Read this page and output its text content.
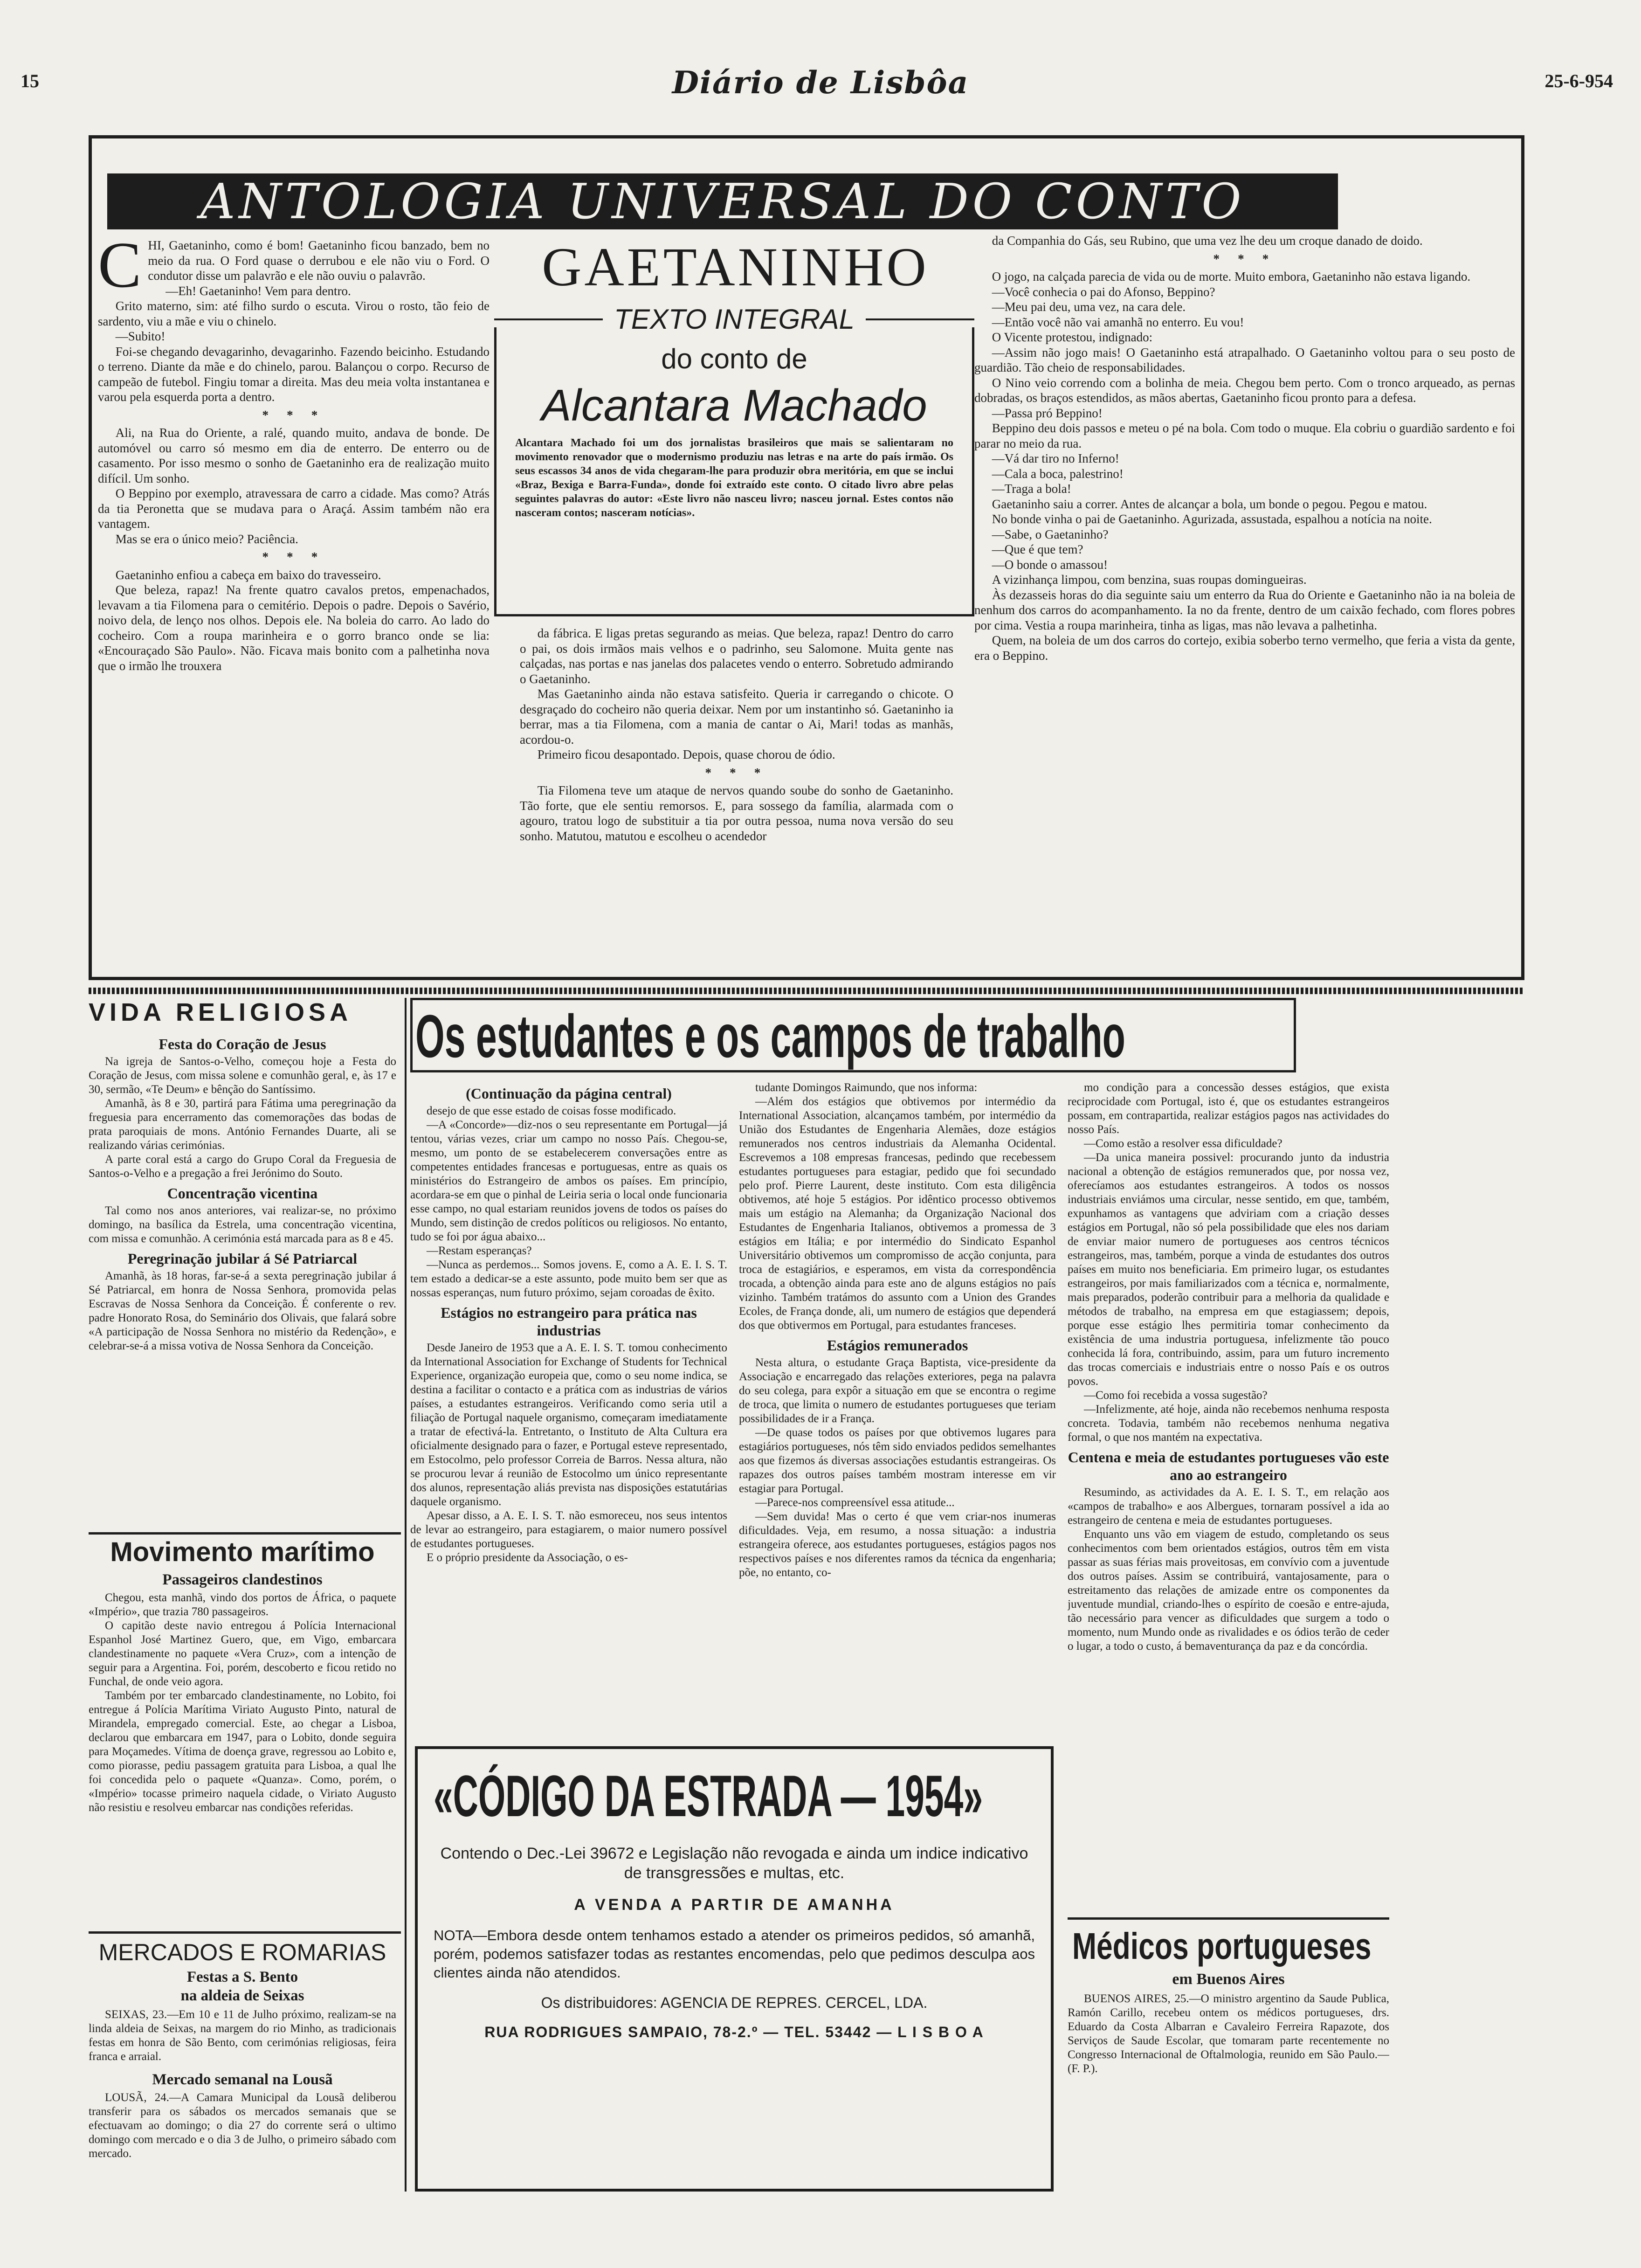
15	Diário de Lisbôa	25-6-954
ANTOLOGIA UNIVERSAL DO CONTO

CHI, Gaetaninho, como é bom! Gaetaninho ficou banzado, bem no meio da rua. O Ford quase o derrubou e ele não viu o Ford. O condutor disse um palavrão e ele não ouviu o palavrão.

—Eh! Gaetaninho! Vem para dentro.

Grito materno, sim: até filho surdo o escuta. Virou o rosto, tão feio de sardento, viu a mãe e viu o chinelo.

—Subito!

Foi-se chegando devagarinho, devagarinho. Fazendo beicinho. Estudando o terreno. Diante da mãe e do chinelo, parou. Balançou o corpo. Recurso de campeão de futebol. Fingiu tomar a direita. Mas deu meia volta instantanea e varou pela esquerda porta a dentro.

* * *

Ali, na Rua do Oriente, a ralé, quando muito, andava de bonde. De automóvel ou carro só mesmo em dia de enterro. De enterro ou de casamento. Por isso mesmo o sonho de Gaetaninho era de realização muito difícil. Um sonho.

O Beppino por exemplo, atravessara de carro a cidade. Mas como? Atrás da tia Peronetta que se mudava para o Araçá. Assim também não era vantagem.

Mas se era o único meio? Paciência.

* * *

Gaetaninho enfiou a cabeça em baixo do travesseiro.

Que beleza, rapaz! Na frente quatro cavalos pretos, empenachados, levavam a tia Filomena para o cemitério. Depois o padre. Depois o Savério, noivo dela, de lenço nos olhos. Depois ele. Na boleia do carro. Ao lado do cocheiro. Com a roupa marinheira e o gorro branco onde se lia: «Encouraçado São Paulo». Não. Ficava mais bonito com a palhetinha nova que o irmão lhe trouxera

GAETANINHO
TEXTO INTEGRAL
do conto de
Alcantara Machado
Alcantara Machado foi um dos jornalistas brasileiros que mais se salientaram no movimento renovador que o modernismo produziu nas letras e na arte do país irmão. Os seus escassos 34 anos de vida chegaram-lhe para produzir obra meritória, em que se inclui «Braz, Bexiga e Barra-Funda», donde foi extraído este conto. O citado livro abre pelas seguintes palavras do autor: «Este livro não nasceu livro; nasceu jornal. Estes contos não nasceram contos; nasceram notícias».

da fábrica. E ligas pretas segurando as meias. Que beleza, rapaz! Dentro do carro o pai, os dois irmãos mais velhos e o padrinho, seu Salomone. Muita gente nas calçadas, nas portas e nas janelas dos palacetes vendo o enterro. Sobretudo admirando o Gaetaninho.

Mas Gaetaninho ainda não estava satisfeito. Queria ir carregando o chicote. O desgraçado do cocheiro não queria deixar. Nem por um instantinho só. Gaetaninho ia berrar, mas a tia Filomena, com a mania de cantar o Ai, Mari! todas as manhãs, acordou-o.

Primeiro ficou desapontado. Depois, quase chorou de ódio.

* * *

Tia Filomena teve um ataque de nervos quando soube do sonho de Gaetaninho. Tão forte, que ele sentiu remorsos. E, para sossego da família, alarmada com o agouro, tratou logo de substituir a tia por outra pessoa, numa nova versão do seu sonho. Matutou, matutou e escolheu o acendedor

da Companhia do Gás, seu Rubino, que uma vez lhe deu um croque danado de doido.

* * *

O jogo, na calçada parecia de vida ou de morte. Muito embora, Gaetaninho não estava ligando.

—Você conhecia o pai do Afonso, Beppino?

—Meu pai deu, uma vez, na cara dele.

—Então você não vai amanhã no enterro. Eu vou!

O Vicente protestou, indignado:

—Assim não jogo mais! O Gaetaninho está atrapalhado. O Gaetaninho voltou para o seu posto de guardião. Tão cheio de responsabilidades.

O Nino veio correndo com a bolinha de meia. Chegou bem perto. Com o tronco arqueado, as pernas dobradas, os braços estendidos, as mãos abertas, Gaetaninho ficou pronto para a defesa.

—Passa pró Beppino!

Beppino deu dois passos e meteu o pé na bola. Com todo o muque. Ela cobriu o guardião sardento e foi parar no meio da rua.

—Vá dar tiro no Inferno!

—Cala a boca, palestrino!

—Traga a bola!

Gaetaninho saiu a correr. Antes de alcançar a bola, um bonde o pegou. Pegou e matou.

No bonde vinha o pai de Gaetaninho. Agurizada, assustada, espalhou a notícia na noite.

—Sabe, o Gaetaninho?

—Que é que tem?

—O bonde o amassou!

A vizinhança limpou, com benzina, suas roupas domingueiras.

Às dezasseis horas do dia seguinte saiu um enterro da Rua do Oriente e Gaetaninho não ia na boleia de nenhum dos carros do acompanhamento. Ia no da frente, dentro de um caixão fechado, com flores pobres por cima. Vestia a roupa marinheira, tinha as ligas, mas não levava a palhetinha.

Quem, na boleia de um dos carros do cortejo, exibia soberbo terno vermelho, que feria a vista da gente, era o Beppino.

VIDA RELIGIOSA

Festa do Coração de Jesus

Na igreja de Santos-o-Velho, começou hoje a Festa do Coração de Jesus, com missa solene e comunhão geral, e, às 17 e 30, sermão, «Te Deum» e bênção do Santíssimo.

Amanhã, às 8 e 30, partirá para Fátima uma peregrinação da freguesia para encerramento das comemorações das bodas de prata paroquiais de mons. António Fernandes Duarte, ali se realizando várias cerimónias.

A parte coral está a cargo do Grupo Coral da Freguesia de Santos-o-Velho e a pregação a frei Jerónimo do Souto.

Concentração vicentina

Tal como nos anos anteriores, vai realizar-se, no próximo domingo, na basílica da Estrela, uma concentração vicentina, com missa e comunhão. A cerimónia está marcada para as 8 e 45.

Peregrinação jubilar á Sé Patriarcal

Amanhã, às 18 horas, far-se-á a sexta peregrinação jubilar á Sé Patriarcal, em honra de Nossa Senhora, promovida pelas Escravas de Nossa Senhora da Conceição. É conferente o rev. padre Honorato Rosa, do Seminário dos Olivais, que falará sobre «A participação de Nossa Senhora no mistério da Redenção», e celebrar-se-á a missa votiva de Nossa Senhora da Conceição.

Movimento marítimo
Passageiros clandestinos

Chegou, esta manhã, vindo dos portos de África, o paquete «Império», que trazia 780 passageiros.

O capitão deste navio entregou á Polícia Internacional Espanhol José Martinez Guero, que, em Vigo, embarcara clandestinamente no paquete «Vera Cruz», com a intenção de seguir para a Argentina. Foi, porém, descoberto e ficou retido no Funchal, de onde veio agora.

Também por ter embarcado clandestinamente, no Lobito, foi entregue á Polícia Marítima Viriato Augusto Pinto, natural de Mirandela, empregado comercial. Este, ao chegar a Lisboa, declarou que embarcara em 1947, para o Lobito, donde seguira para Moçamedes. Vítima de doença grave, regressou ao Lobito e, como piorasse, pediu passagem gratuita para Lisboa, a qual lhe foi concedida pelo o paquete «Quanza». Como, porém, o «Império» tocasse primeiro naquela cidade, o Viriato Augusto não resistiu e resolveu embarcar nas condições referidas.

MERCADOS E ROMARIAS
Festas a S. Bento
na aldeia de Seixas

SEIXAS, 23.—Em 10 e 11 de Julho próximo, realizam-se na linda aldeia de Seixas, na margem do rio Minho, as tradicionais festas em honra de São Bento, com cerimónias religiosas, feira franca e arraial.

Mercado semanal na Lousã

LOUSÃ, 24.—A Camara Municipal da Lousã deliberou transferir para os sábados os mercados semanais que se efectuavam ao domingo; o dia 27 do corrente será o ultimo domingo com mercado e o dia 3 de Julho, o primeiro sábado com mercado.

Os estudantes e os campos de trabalho

(Continuação da página central)

desejo de que esse estado de coisas fosse modificado.

—A «Concorde»—diz-nos o seu representante em Portugal—já tentou, várias vezes, criar um campo no nosso País. Chegou-se, mesmo, um ponto de se estabelecerem conversações entre as competentes entidades francesas e portuguesas, entre as quais os ministérios do Estrangeiro de ambos os países. Em princípio, acordara-se em que o pinhal de Leiria seria o local onde funcionaria esse campo, no qual estariam reunidos jovens de todos os países do Mundo, sem distinção de credos políticos ou religiosos. No entanto, tudo se foi por água abaixo...

—Restam esperanças?

—Nunca as perdemos... Somos jovens. E, como a A. E. I. S. T. tem estado a dedicar-se a este assunto, pode muito bem ser que as nossas esperanças, num futuro próximo, sejam coroadas de êxito.

Estágios no estrangeiro para prática nas industrias

Desde Janeiro de 1953 que a A. E. I. S. T. tomou conhecimento da International Association for Exchange of Students for Technical Experience, organização europeia que, como o seu nome indica, se destina a facilitar o contacto e a prática com as industrias de vários países, a estudantes estrangeiros. Verificando como seria util a filiação de Portugal naquele organismo, começaram imediatamente a tratar de efectivá-la. Entretanto, o Instituto de Alta Cultura era oficialmente designado para o fazer, e Portugal esteve representado, em Estocolmo, pelo professor Correia de Barros. Nessa altura, não se procurou levar á reunião de Estocolmo um único representante dos alunos, representação aliás prevista nas disposições estatutárias daquele organismo.

Apesar disso, a A. E. I. S. T. não esmoreceu, nos seus intentos de levar ao estrangeiro, para estagiarem, o maior numero possível de estudantes portugueses.

E o próprio presidente da Associação, o es-

tudante Domingos Raimundo, que nos informa:

—Além dos estágios que obtivemos por intermédio da International Association, alcançamos também, por intermédio da União dos Estudantes de Engenharia Alemães, doze estágios remunerados nos centros industriais da Alemanha Ocidental. Escrevemos a 108 empresas francesas, pedindo que recebessem estudantes portugueses para estagiar, pedido que foi secundado pelo prof. Pierre Laurent, deste instituto. Com esta diligência obtivemos, até hoje 5 estágios. Por idêntico processo obtivemos mais um estágio na Alemanha; da Organização Nacional dos Estudantes de Engenharia Italianos, obtivemos a promessa de 3 estágios em Itália; e por intermédio do Sindicato Espanhol Universitário obtivemos um compromisso de acção conjunta, para troca de estagiários, e esperamos, em vista da correspondência trocada, a obtenção ainda para este ano de alguns estágios no país vizinho. Também tratámos do assunto com a Union des Grandes Ecoles, de França donde, ali, um numero de estágios que dependerá dos que obtivermos em Portugal, para estudantes franceses.

Estágios remunerados

Nesta altura, o estudante Graça Baptista, vice-presidente da Associação e encarregado das relações exteriores, pega na palavra do seu colega, para expôr a situação em que se encontra o regime de troca, que limita o numero de estudantes portugueses que teriam possibilidades de ir a França.

—De quase todos os países por que obtivemos lugares para estagiários portugueses, nós têm sido enviados pedidos semelhantes aos que fizemos ás diversas associações estudantis estrangeiras. Os rapazes dos outros países também mostram interesse em vir estagiar para Portugal.

—Parece-nos compreensível essa atitude...

—Sem duvida! Mas o certo é que vem criar-nos inumeras dificuldades. Veja, em resumo, a nossa situação: a industria estrangeira oferece, aos estudantes portugueses, estágios pagos nos respectivos países e nos diferentes ramos da técnica da engenharia; põe, no entanto, co-

mo condição para a concessão desses estágios, que exista reciprocidade com Portugal, isto é, que os estudantes estrangeiros possam, em contrapartida, realizar estágios pagos nas actividades do nosso País.

—Como estão a resolver essa dificuldade?

—Da unica maneira possivel: procurando junto da industria nacional a obtenção de estágios remunerados que, por nossa vez, oferecíamos aos estudantes estrangeiros. A todos os nossos industriais enviámos uma circular, nesse sentido, em que, também, expunhamos as vantagens que adviriam com a criação desses estágios em Portugal, não só pela possibilidade que eles nos dariam de enviar maior numero de portugueses aos centros técnicos estrangeiros, mas, também, porque a vinda de estudantes dos outros países em muito nos beneficiaria. Em primeiro lugar, os estudantes estrangeiros, por mais familiarizados com a técnica e, normalmente, mais preparados, poderão contribuir para a melhoria da qualidade e métodos de trabalho, na empresa em que estagiassem; depois, porque esse estágio lhes permitiria tomar conhecimento da existência de uma industria portuguesa, infelizmente tão pouco conhecida lá fora, contribuindo, assim, para um futuro incremento das trocas comerciais e industriais entre o nosso País e os outros povos.

—Como foi recebida a vossa sugestão?

—Infelizmente, até hoje, ainda não recebemos nenhuma resposta concreta. Todavia, também não recebemos nenhuma negativa formal, o que nos mantém na expectativa.

Centena e meia de estudantes portugueses vão este ano ao estrangeiro

Resumindo, as actividades da A. E. I. S. T., em relação aos «campos de trabalho» e aos Albergues, tornaram possível a ida ao estrangeiro de centena e meia de estudantes portugueses.

Enquanto uns vão em viagem de estudo, completando os seus conhecimentos com bem orientados estágios, outros têm em vista passar as suas férias mais proveitosas, em convívio com a juventude dos outros países. Assim se contribuirá, vantajosamente, para o estreitamento das relações de amizade entre os componentes da juventude mundial, criando-lhes o espírito de coesão e entre-ajuda, tão necessário para vencer as dificuldades que surgem a todo o momento, num Mundo onde as rivalidades e os ódios terão de ceder o lugar, a todo o custo, á bemaventurança da paz e da concórdia.

«CÓDIGO DA ESTRADA — 1954»
Contendo o Dec.-Lei 39672 e Legislação não revogada e ainda um indice indicativo de transgressões e multas, etc.
A VENDA A PARTIR DE AMANHA
NOTA—Embora desde ontem tenhamos estado a atender os primeiros pedidos, só amanhã, porém, podemos satisfazer todas as restantes encomendas, pelo que pedimos desculpa aos clientes ainda não atendidos.
Os distribuidores: AGENCIA DE REPRES. CERCEL, LDA.
RUA RODRIGUES SAMPAIO, 78-2.º — TEL. 53442 — L I S B O A
Médicos portugueses
em Buenos Aires

BUENOS AIRES, 25.—O ministro argentino da Saude Publica, Ramón Carillo, recebeu ontem os médicos portugueses, drs. Eduardo da Costa Albarran e Cavaleiro Ferreira Rapazote, dos Serviços de Saude Escolar, que tomaram parte recentemente no Congresso Internacional de Oftalmologia, reunido em São Paulo.—(F. P.).
